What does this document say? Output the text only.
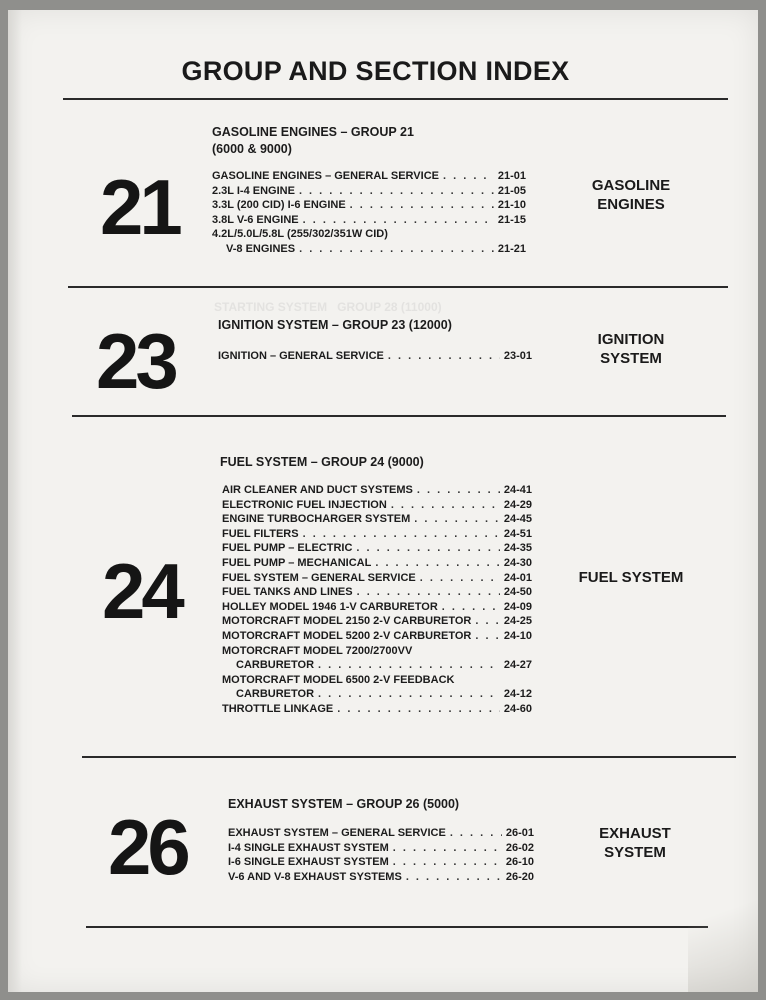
GROUP AND SECTION INDEX
21
GASOLINE ENGINES – GROUP 21
(6000 & 9000)
GASOLINE ENGINES – GENERAL SERVICE . . .	21-01
2.3L I-4 ENGINE . . .	21-05
3.3L (200 CID) I-6 ENGINE . . .	21-10
3.8L V-6 ENGINE . . .	21-15
4.2L/5.0L/5.8L (255/302/351W CID)
V-8 ENGINES . . .	21-21
GASOLINE
ENGINES
STARTING SYSTEM   GROUP 28 (11000)
23	IGNITION SYSTEM – GROUP 23 (12000)
IGNITION – GENERAL SERVICE . . .	23-01
IGNITION
SYSTEM
24
FUEL SYSTEM – GROUP 24 (9000)
AIR CLEANER AND DUCT SYSTEMS . . .	24-41
ELECTRONIC FUEL INJECTION . . .	24-29
ENGINE TURBOCHARGER SYSTEM . . .	24-45
FUEL FILTERS . . .	24-51
FUEL PUMP – ELECTRIC . . .	24-35
FUEL PUMP – MECHANICAL . . .	24-30
FUEL SYSTEM – GENERAL SERVICE . . .	24-01
FUEL TANKS AND LINES . . .	24-50
HOLLEY MODEL 1946 1-V CARBURETOR . . .	24-09
MOTORCRAFT MODEL 2150 2-V CARBURETOR . . .	24-25
MOTORCRAFT MODEL 5200 2-V CARBURETOR . . .	24-10
MOTORCRAFT MODEL 7200/2700VV
CARBURETOR . . .	24-27
MOTORCRAFT MODEL 6500 2-V FEEDBACK
CARBURETOR . . .	24-12
THROTTLE LINKAGE . . .	24-60
FUEL SYSTEM
26	EXHAUST SYSTEM – GROUP 26 (5000)
EXHAUST SYSTEM – GENERAL SERVICE . . .	26-01
I-4 SINGLE EXHAUST SYSTEM . . .	26-02
I-6 SINGLE EXHAUST SYSTEM . . .	26-10
V-6 AND V-8 EXHAUST SYSTEMS . . .	26-20
EXHAUST
SYSTEM
